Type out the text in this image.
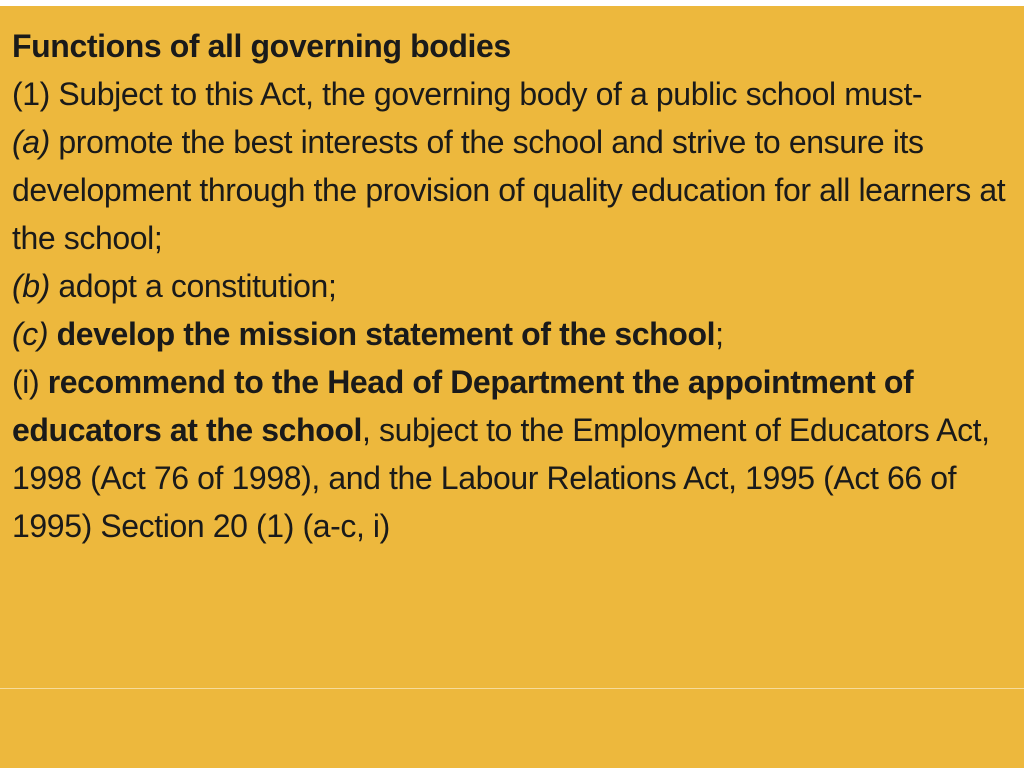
Functions of all governing bodies

(1) Subject to this Act, the governing body of a public school must-

(a) promote the best interests of the school and strive to ensure its development through the provision of quality education for all learners at the school;

(b) adopt a constitution;

(c) develop the mission statement of the school;

(i) recommend to the Head of Department the appointment of educators at the school, subject to the Employment of Educators Act, 1998 (Act 76 of 1998), and the Labour Relations Act, 1995 (Act 66 of 1995) Section 20 (1) (a-c, i)
